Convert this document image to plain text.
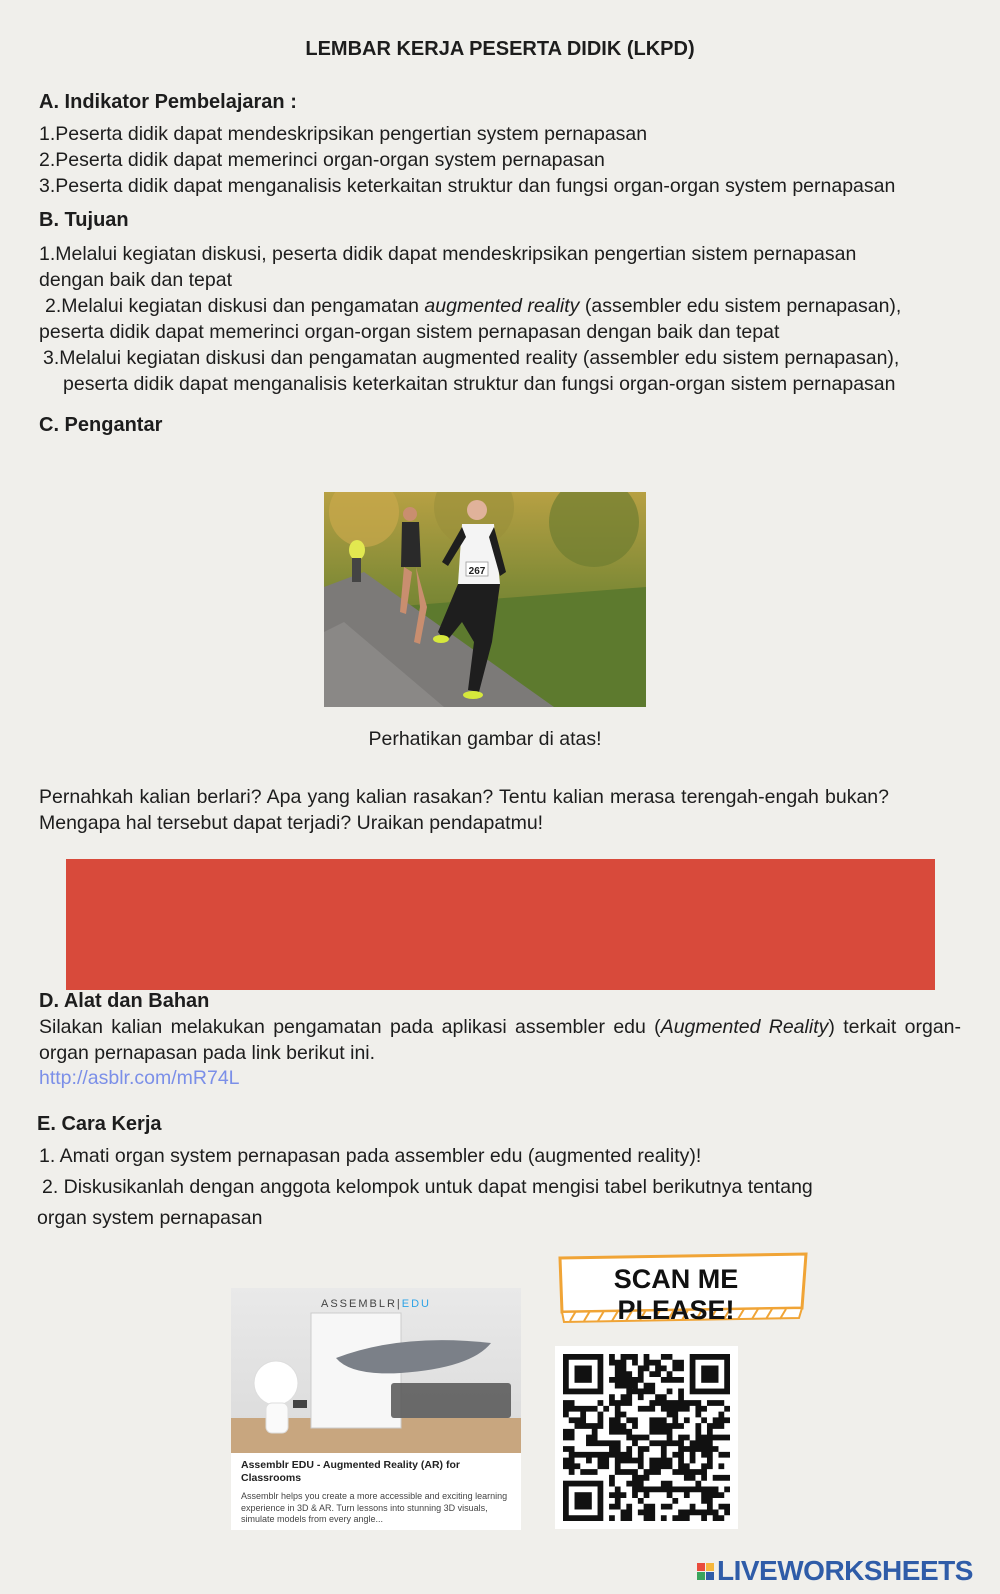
LEMBAR KERJA PESERTA DIDIK (LKPD)
A. Indikator Pembelajaran :
1.Peserta didik dapat mendeskripsikan pengertian system pernapasan
2.Peserta didik dapat memerinci organ-organ system pernapasan
3.Peserta didik dapat menganalisis keterkaitan struktur dan fungsi organ-organ system pernapasan
B. Tujuan
1.Melalui kegiatan diskusi, peserta didik dapat mendeskripsikan pengertian sistem pernapasan
dengan baik dan tepat
2.Melalui kegiatan diskusi dan pengamatan augmented reality (assembler edu sistem pernapasan),
peserta didik dapat memerinci organ-organ sistem pernapasan dengan baik dan tepat
3.Melalui kegiatan diskusi dan pengamatan augmented reality (assembler edu sistem pernapasan),
peserta didik dapat menganalisis keterkaitan struktur dan fungsi organ-organ sistem pernapasan
C. Pengantar
267
Perhatikan gambar di atas!
Pernahkah kalian berlari? Apa yang kalian rasakan? Tentu kalian merasa terengah-engah bukan? Mengapa hal tersebut dapat terjadi? Uraikan pendapatmu!
D. Alat dan Bahan
Silakan kalian melakukan pengamatan pada aplikasi assembler edu (Augmented Reality) terkait organ- organ pernapasan pada link berikut ini.
http://asblr.com/mR74L
E. Cara Kerja
1. Amati organ system pernapasan pada assembler edu (augmented reality)!
2. Diskusikanlah dengan anggota kelompok untuk dapat mengisi tabel berikutnya tentang
organ system pernapasan
ASSEMBLR|EDU
Assemblr EDU - Augmented Reality (AR) for Classrooms
Assemblr helps you create a more accessible and exciting learning experience in 3D & AR. Turn lessons into stunning 3D visuals, simulate models from every angle...
SCAN ME PLEASE!
LIVEWORKSHEETS
